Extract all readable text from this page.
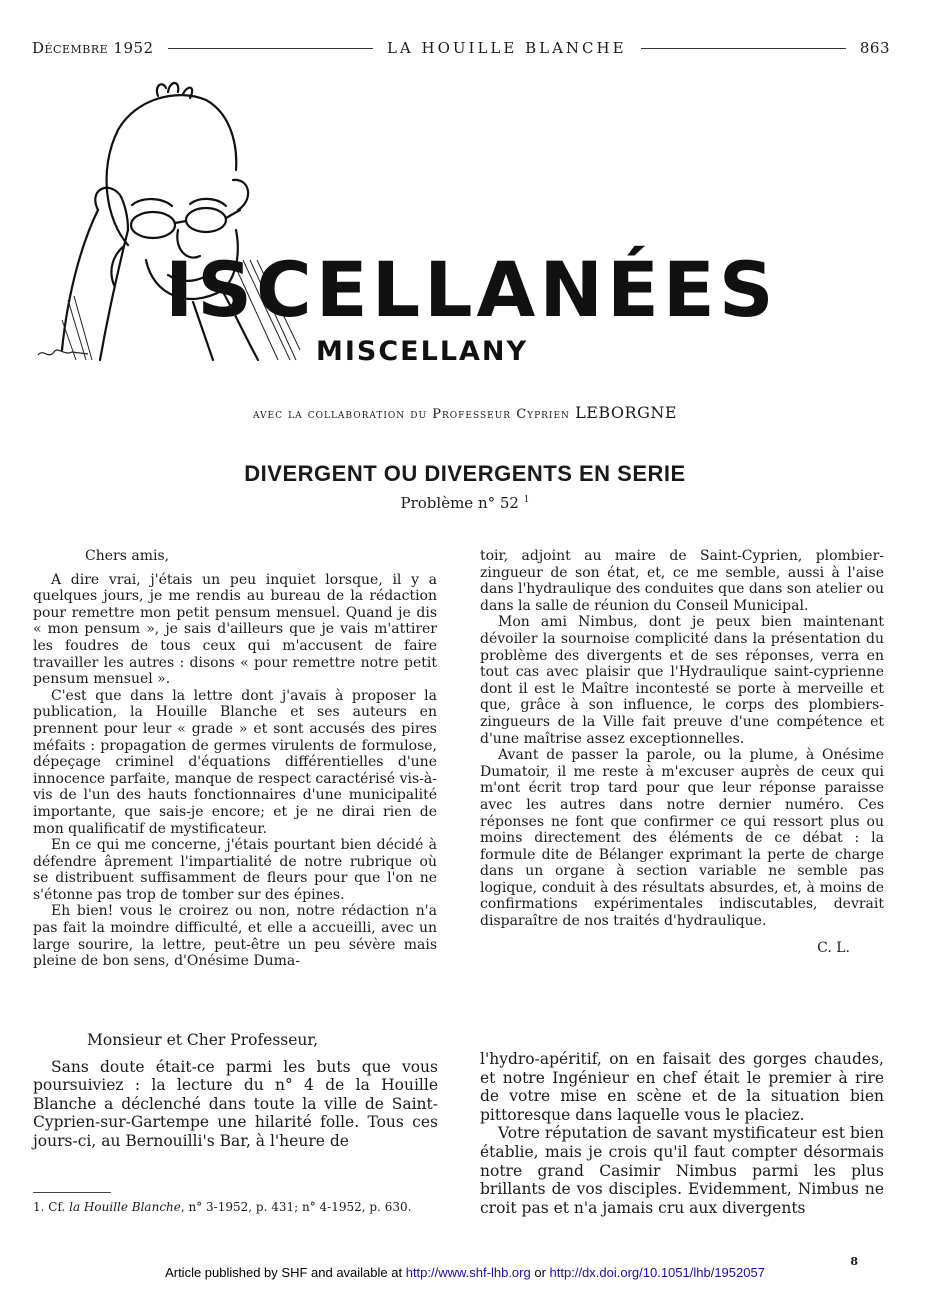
Décembre 1952	LA HOUILLE BLANCHE	863
ISCELLANÉES
MISCELLANY
avec la collaboration du Professeur Cyprien LEBORGNE
DIVERGENT OU DIVERGENTS EN SERIE
Problème n° 52 $^1$

Chers amis,

A dire vrai, j'étais un peu inquiet lorsque, il y a quelques jours, je me rendis au bureau de la rédaction pour remettre mon petit pensum mensuel. Quand je dis « mon pensum », je sais d'ailleurs que je vais m'attirer les foudres de tous ceux qui m'accusent de faire travailler les autres : disons « pour remettre notre petit pensum mensuel ».

C'est que dans la lettre dont j'avais à proposer la publication, la Houille Blanche et ses auteurs en prennent pour leur « grade » et sont accusés des pires méfaits : propagation de germes virulents de formulose, dépeçage criminel d'équations différentielles d'une innocence parfaite, manque de respect caractérisé vis-à-vis de l'un des hauts fonctionnaires d'une municipalité importante, que sais-je encore; et je ne dirai rien de mon qualificatif de mystificateur.

En ce qui me concerne, j'étais pourtant bien décidé à défendre âprement l'impartialité de notre rubrique où se distribuent suffisamment de fleurs pour que l'on ne s'étonne pas trop de tomber sur des épines.

Eh bien! vous le croirez ou non, notre rédaction n'a pas fait la moindre difficulté, et elle a accueilli, avec un large sourire, la lettre, peut-être un peu sévère mais pleine de bon sens, d'Onésime Duma-

toir, adjoint au maire de Saint-Cyprien, plombier-zingueur de son état, et, ce me semble, aussi à l'aise dans l'hydraulique des conduites que dans son atelier ou dans la salle de réunion du Conseil Municipal.

Mon ami Nimbus, dont je peux bien maintenant dévoiler la sournoise complicité dans la présentation du problème des divergents et de ses réponses, verra en tout cas avec plaisir que l'Hydraulique saint-cyprienne dont il est le Maître incontesté se porte à merveille et que, grâce à son influence, le corps des plombiers-zingueurs de la Ville fait preuve d'une compétence et d'une maîtrise assez exceptionnelles.

Avant de passer la parole, ou la plume, à Onésime Dumatoir, il me reste à m'excuser auprès de ceux qui m'ont écrit trop tard pour que leur réponse paraisse avec les autres dans notre dernier numéro. Ces réponses ne font que confirmer ce qui ressort plus ou moins directement des éléments de ce débat : la formule dite de Bélanger exprimant la perte de charge dans un organe à section variable ne semble pas logique, conduit à des résultats absurdes, et, à moins de confirmations expérimentales indiscutables, devrait disparaître de nos traités d'hydraulique.

C. L.

Monsieur et Cher Professeur,

Sans doute était-ce parmi les buts que vous poursuiviez : la lecture du n° 4 de la Houille Blanche a déclenché dans toute la ville de Saint-Cyprien-sur-Gartempe une hilarité folle. Tous ces jours-ci, au Bernouilli's Bar, à l'heure de

l'hydro-apéritif, on en faisait des gorges chaudes, et notre Ingénieur en chef était le premier à rire de votre mise en scène et de la situation bien pittoresque dans laquelle vous le placiez.

Votre réputation de savant mystificateur est bien établie, mais je crois qu'il faut compter désormais notre grand Casimir Nimbus parmi les plus brillants de vos disciples. Evidemment, Nimbus ne croit pas et n'a jamais cru aux divergents

1. Cf. la Houille Blanche, n° 3-1952, p. 431; n° 4-1952, p. 630.
8
Article published by SHF and available at http://www.shf-lhb.org or http://dx.doi.org/10.1051/lhb/1952057
